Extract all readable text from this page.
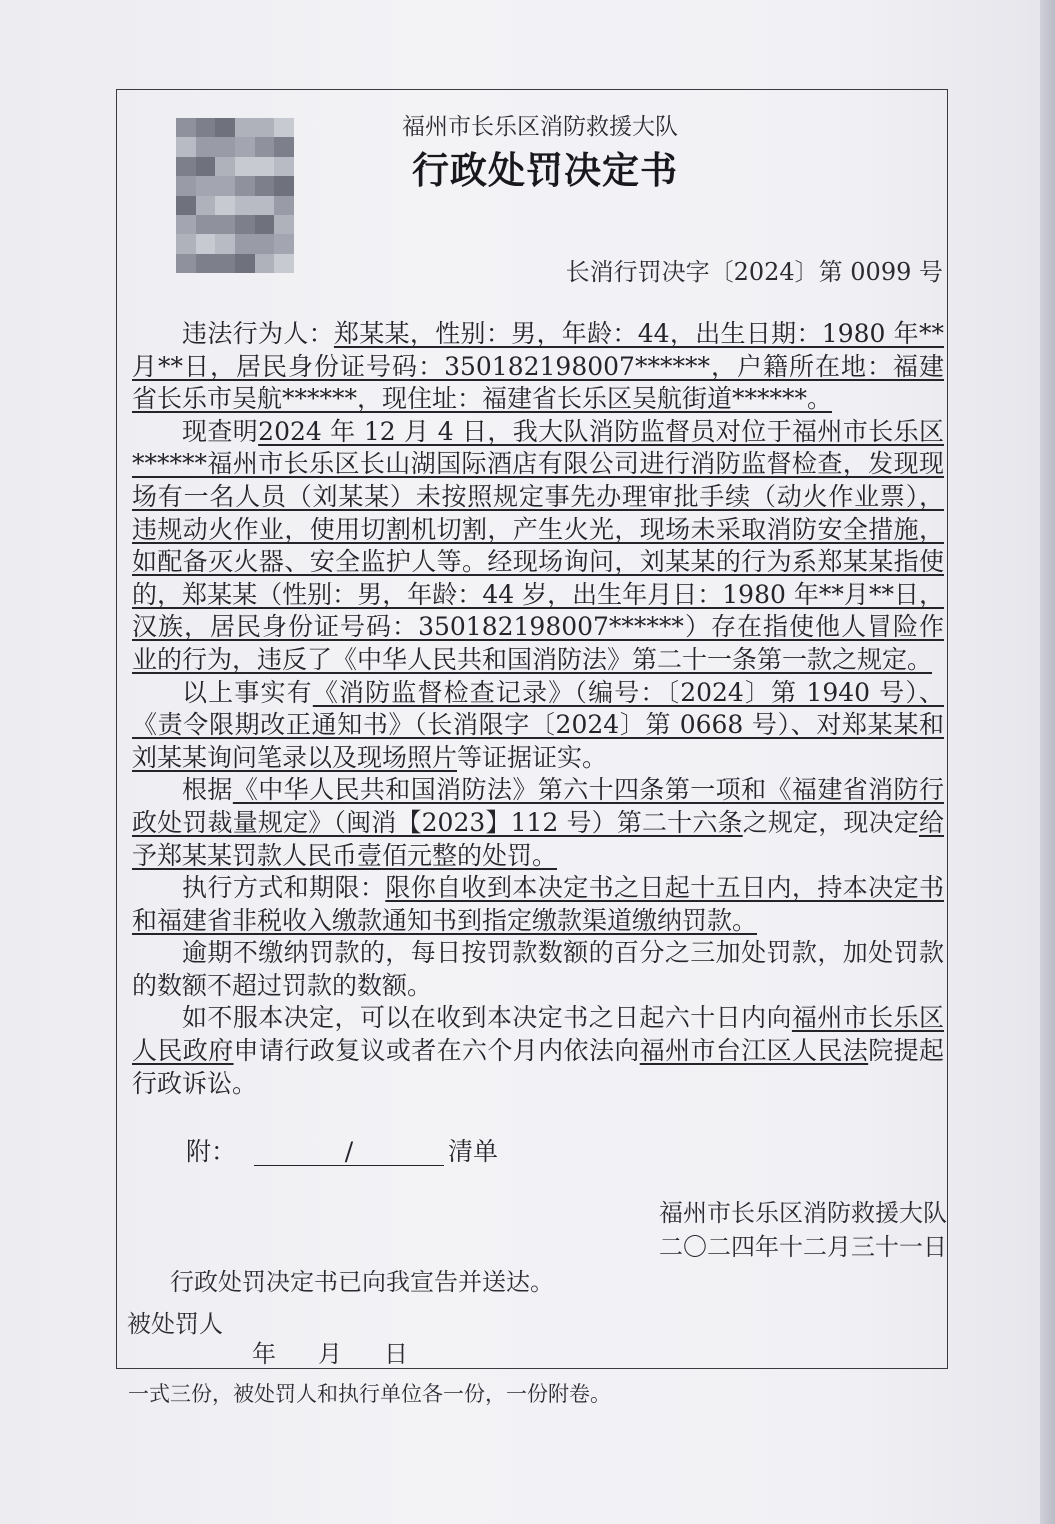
福州市长乐区消防救援大队
行政处罚决定书
长消行罚决字〔2024〕第 0099 号

违法行为人：郑某某，性别：男，年龄：44，出生日期：1980 年**月**日，居民身份证号码：350182198007******，户籍所在地：福建省长乐市吴航******，现住址：福建省长乐区吴航街道******。

现查明2024 年 12 月 4 日，我大队消防监督员对位于福州市长乐区******福州市长乐区长山湖国际酒店有限公司进行消防监督检查，发现现场有一名人员（刘某某）未按照规定事先办理审批手续（动火作业票），违规动火作业，使用切割机切割，产生火光，现场未采取消防安全措施，如配备灭火器、安全监护人等。经现场询问，刘某某的行为系郑某某指使的，郑某某（性别：男，年龄：44 岁，出生年月日：1980 年**月**日，汉族，居民身份证号码：350182198007******）存在指使他人冒险作业的行为，违反了《中华人民共和国消防法》第二十一条第一款之规定。

以上事实有《消防监督检查记录》（编号：〔2024〕第 1940 号）、《责令限期改正通知书》（长消限字〔2024〕第 0668 号）、对郑某某和刘某某询问笔录以及现场照片等证据证实。

根据《中华人民共和国消防法》第六十四条第一项和《福建省消防行政处罚裁量规定》（闽消【2023】112 号）第二十六条之规定，现决定给予郑某某罚款人民币壹佰元整的处罚。

执行方式和期限：限你自收到本决定书之日起十五日内，持本决定书和福建省非税收入缴款通知书到指定缴款渠道缴纳罚款。

逾期不缴纳罚款的，每日按罚款数额的百分之三加处罚款，加处罚款的数额不超过罚款的数额。

如不服本决定，可以在收到本决定书之日起六十日内向福州市长乐区人民政府申请行政复议或者在六个月内依法向福州市台江区人民法院提起行政诉讼。

附：	/	清单
福州市长乐区消防救援大队
二〇二四年十二月三十一日
行政处罚决定书已向我宣告并送达。
被处罚人
年 月 日
一式三份，被处罚人和执行单位各一份，一份附卷。
